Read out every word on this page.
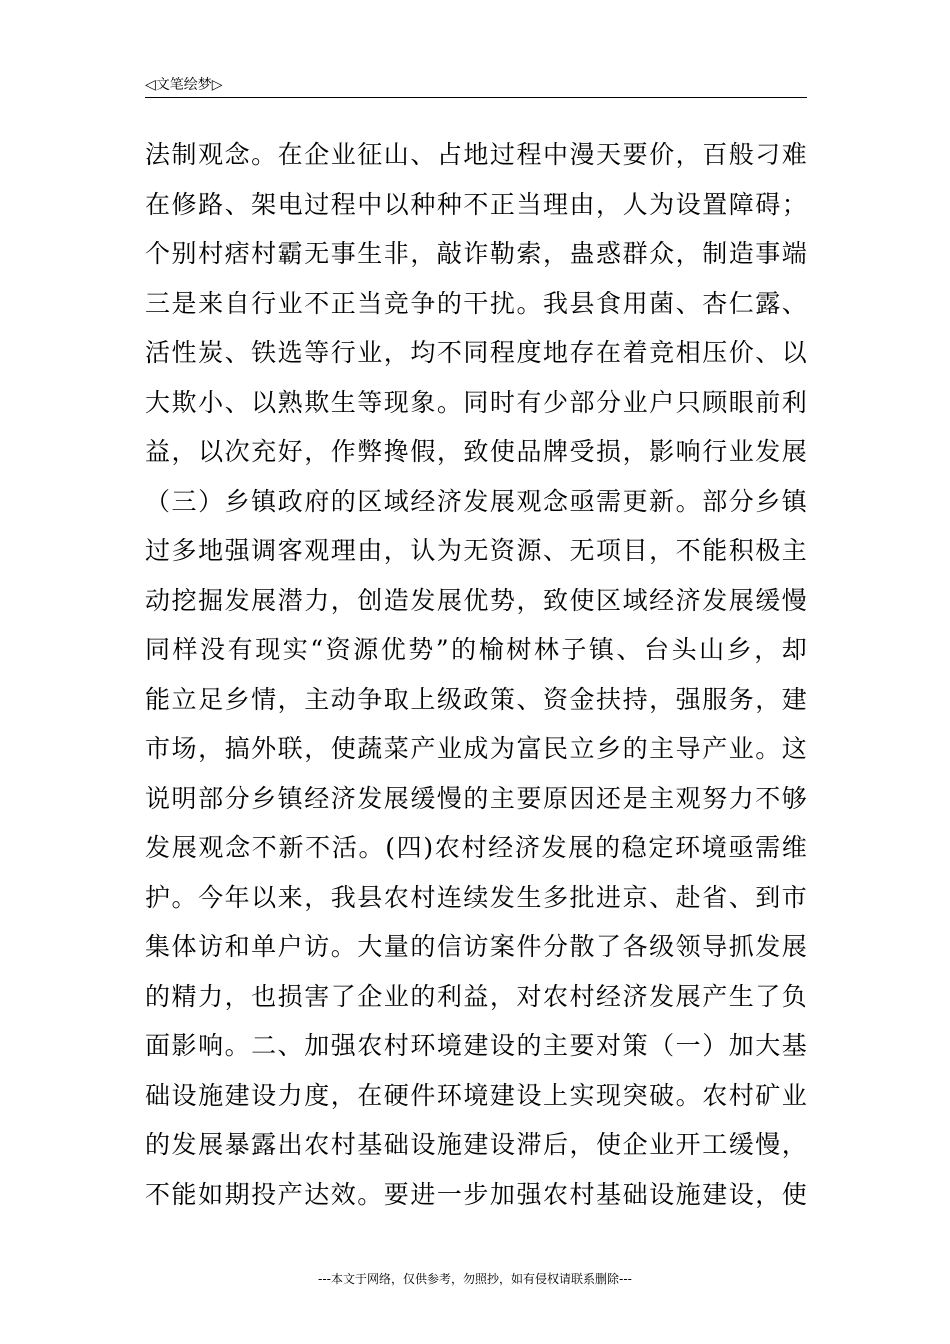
◁文笔绘梦▷
法制观念。在企业征山、占地过程中漫天要价，百般刁难
在修路、架电过程中以种种不正当理由，人为设置障碍；
个别村痞村霸无事生非，敲诈勒索，蛊惑群众，制造事端
三是来自行业不正当竞争的干扰。我县食用菌、杏仁露、
活性炭、铁选等行业，均不同程度地存在着竞相压价、以
大欺小、以熟欺生等现象。同时有少部分业户只顾眼前利
益，以次充好，作弊搀假，致使品牌受损，影响行业发展
（三）乡镇政府的区域经济发展观念亟需更新。部分乡镇
过多地强调客观理由，认为无资源、无项目，不能积极主
动挖掘发展潜力，创造发展优势，致使区域经济发展缓慢
同样没有现实“资源优势”的榆树林子镇、台头山乡，却
能立足乡情，主动争取上级政策、资金扶持，强服务，建
市场，搞外联，使蔬菜产业成为富民立乡的主导产业。这
说明部分乡镇经济发展缓慢的主要原因还是主观努力不够
发展观念不新不活。(四)农村经济发展的稳定环境亟需维
护。今年以来，我县农村连续发生多批进京、赴省、到市
集体访和单户访。大量的信访案件分散了各级领导抓发展
的精力，也损害了企业的利益，对农村经济发展产生了负
面影响。二、加强农村环境建设的主要对策（一）加大基
础设施建设力度，在硬件环境建设上实现突破。农村矿业
的发展暴露出农村基础设施建设滞后，使企业开工缓慢，
不能如期投产达效。要进一步加强农村基础设施建设，使
---本文于网络，仅供参考，勿照抄，如有侵权请联系删除---
